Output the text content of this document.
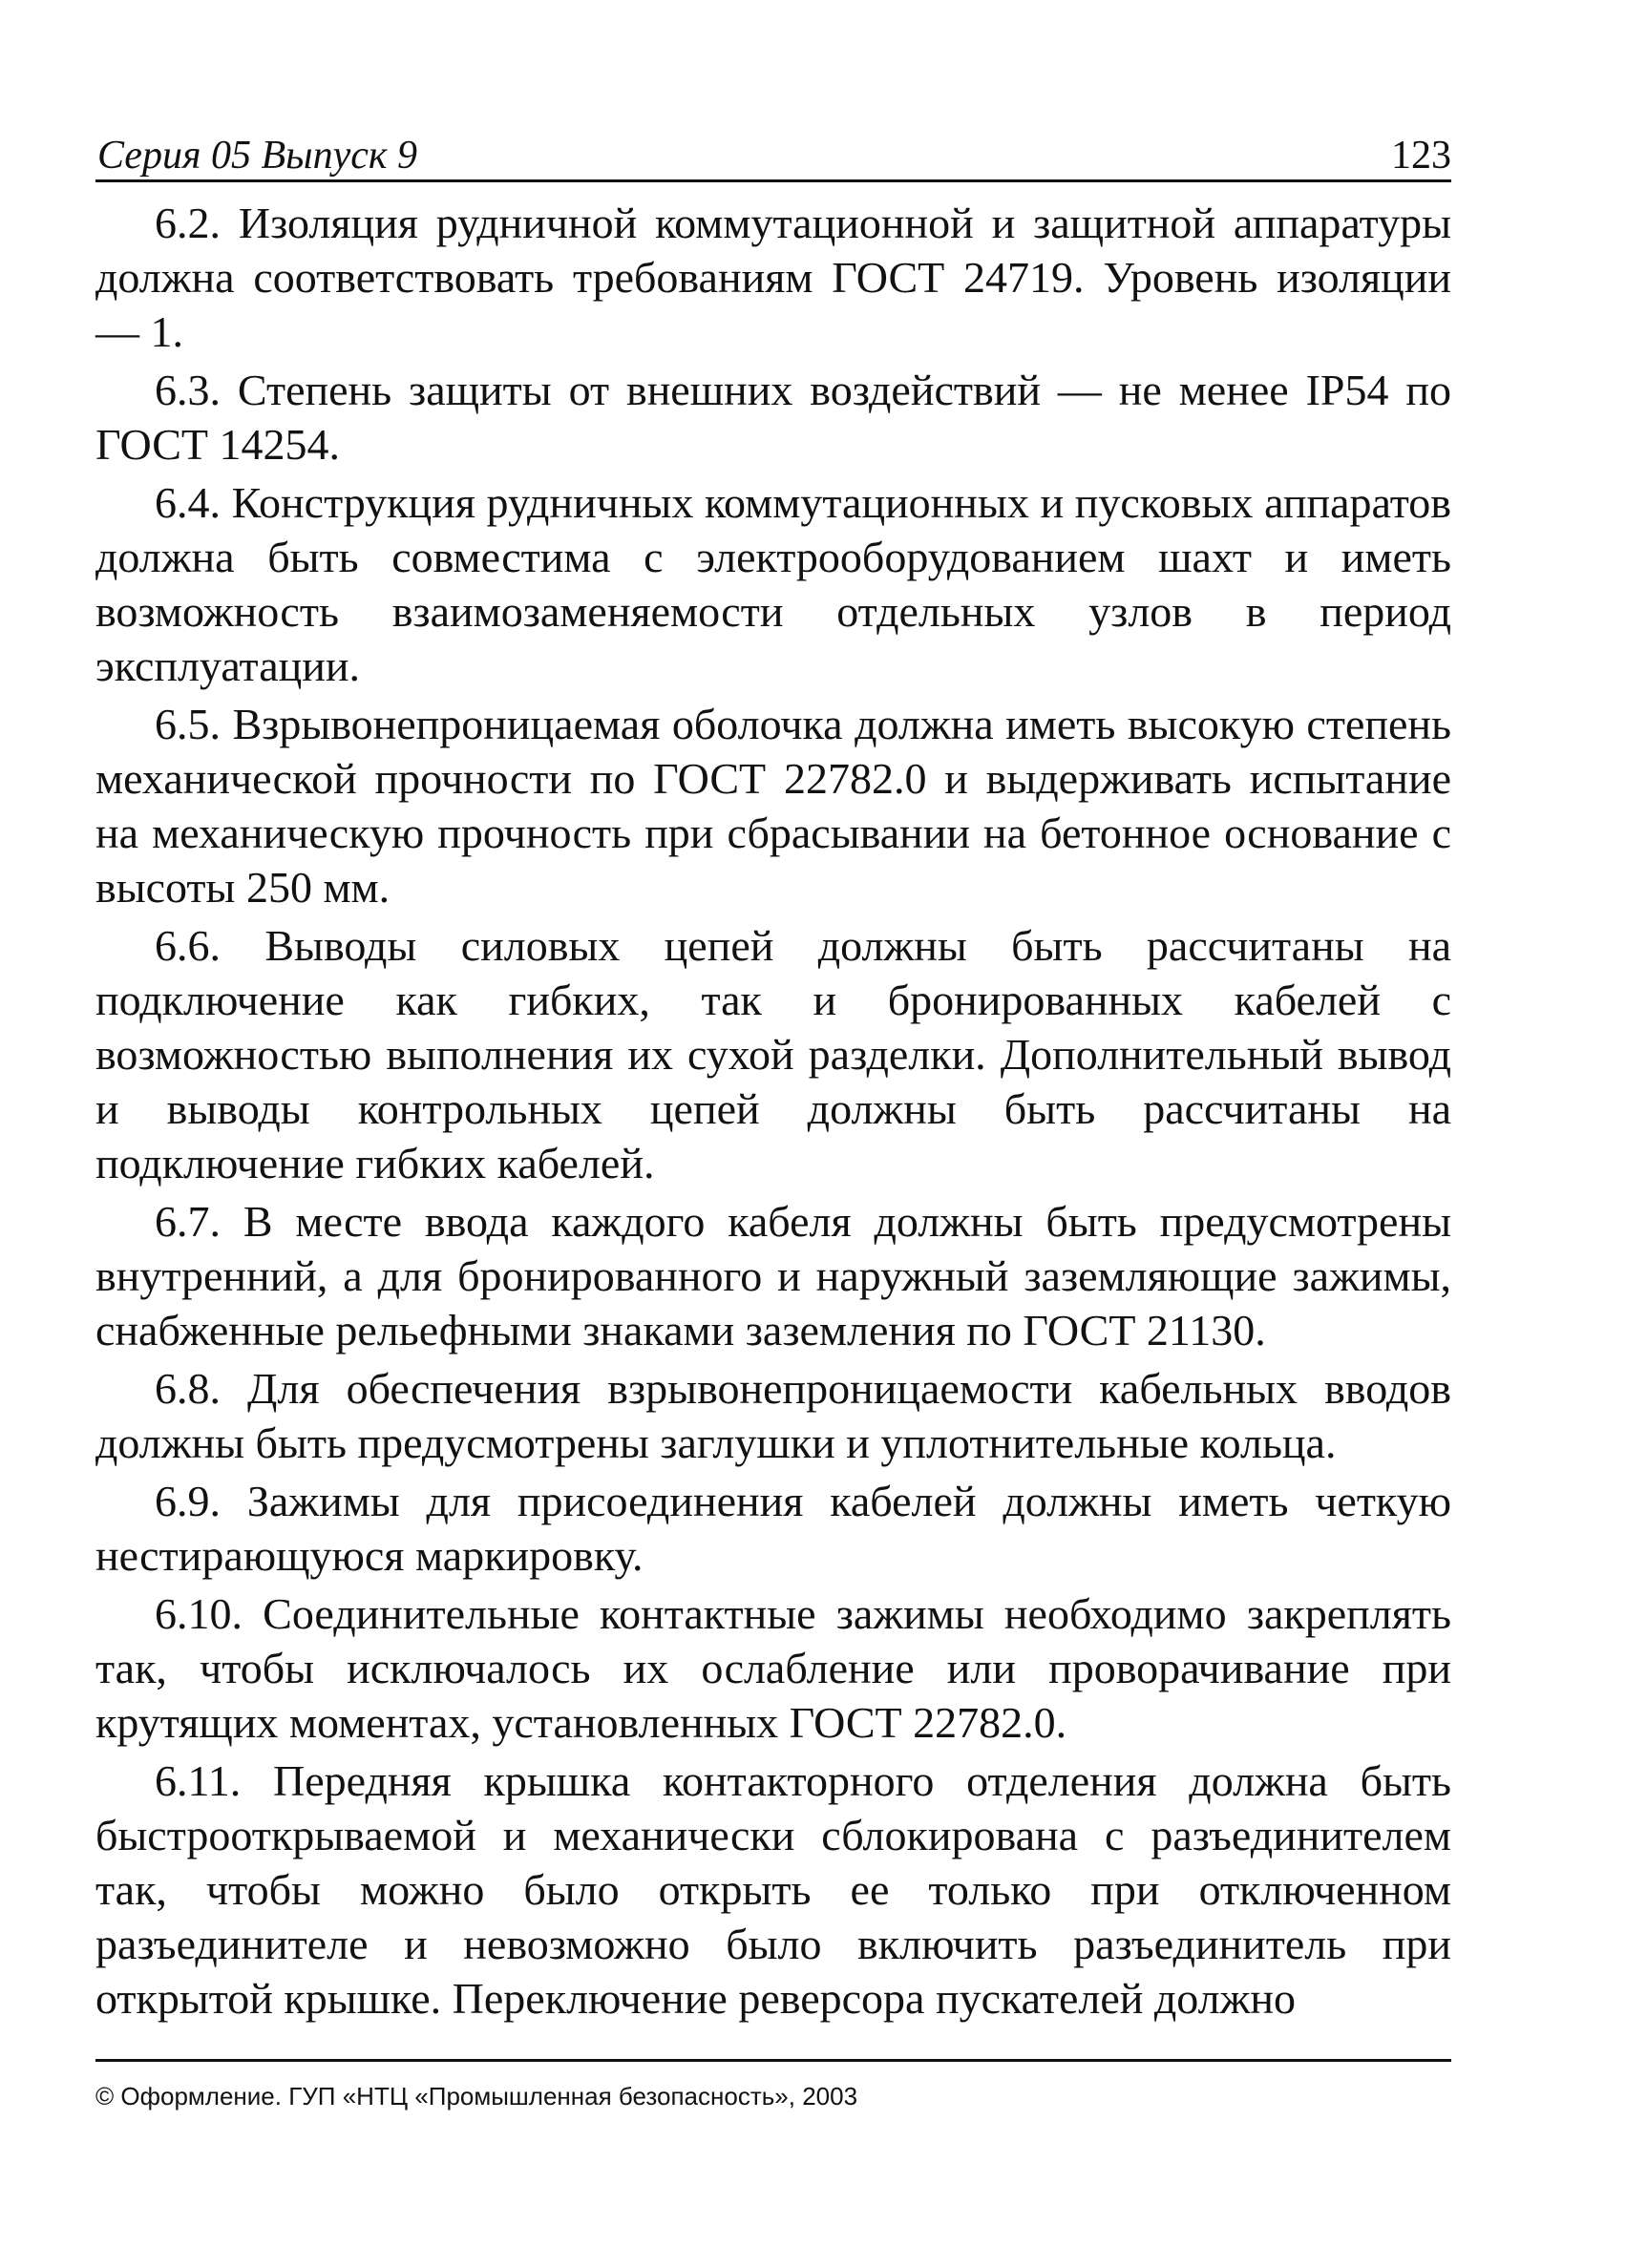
Серия 05 Выпуск 9	123

6.2. Изоляция рудничной коммутационной и защитной аппаратуры должна соответствовать требованиям ГОСТ 24719. Уровень изоляции — 1.

6.3. Степень защиты от внешних воздействий — не менее IP54 по ГОСТ 14254.

6.4. Конструкция рудничных коммутационных и пусковых аппаратов должна быть совместима с электрооборудованием шахт и иметь возможность взаимозаменяемости отдельных узлов в период эксплуатации.

6.5. Взрывонепроницаемая оболочка должна иметь высокую степень механической прочности по ГОСТ 22782.0 и выдерживать испытание на механическую прочность при сбрасывании на бетонное основание с высоты 250 мм.

6.6. Выводы силовых цепей должны быть рассчитаны на подключение как гибких, так и бронированных кабелей с возможностью выполнения их сухой разделки. Дополнительный вывод и выводы контрольных цепей должны быть рассчитаны на подключение гибких кабелей.

6.7. В месте ввода каждого кабеля должны быть предусмотрены внутренний, а для бронированного и наружный заземляющие зажимы, снабженные рельефными знаками заземления по ГОСТ 21130.

6.8. Для обеспечения взрывонепроницаемости кабельных вводов должны быть предусмотрены заглушки и уплотнительные кольца.

6.9. Зажимы для присоединения кабелей должны иметь четкую нестирающуюся маркировку.

6.10. Соединительные контактные зажимы необходимо закреплять так, чтобы исключалось их ослабление или проворачивание при крутящих моментах, установленных ГОСТ 22782.0.

6.11. Передняя крышка контакторного отделения должна быть быстрооткрываемой и механически сблокирована с разъединителем так, чтобы можно было открыть ее только при отключенном разъединителе и невозможно было включить разъединитель при открытой крышке. Переключение реверсора пускателей должно

© Оформление. ГУП «НТЦ «Промышленная безопасность», 2003
